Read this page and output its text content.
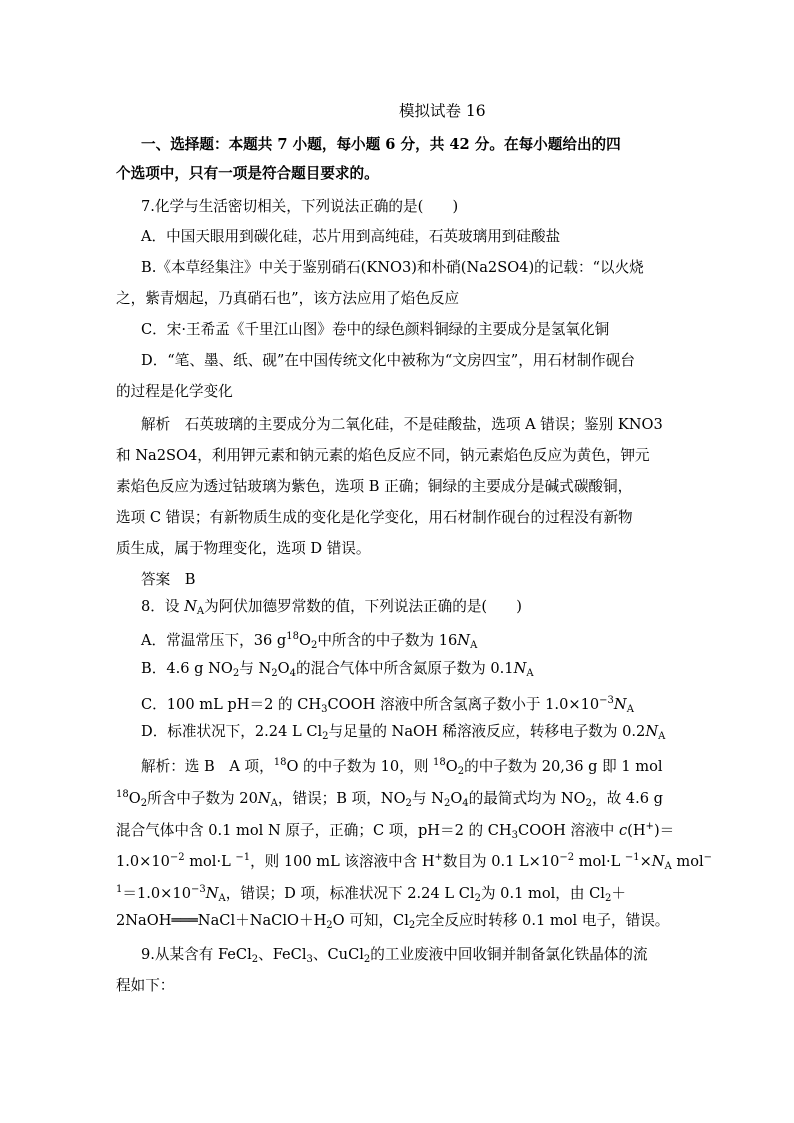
模拟试卷 16
一、选择题：本题共 7 小题，每小题 6 分，共 42 分。在每小题给出的四
个选项中，只有一项是符合题目要求的。
7.化学与生活密切相关，下列说法正确的是(　　)
A．中国天眼用到碳化硅，芯片用到高纯硅，石英玻璃用到硅酸盐
B.《本草经集注》中关于鉴别硝石(KNO3)和朴硝(Na2SO4)的记载：“以火烧
之，紫青烟起，乃真硝石也”，该方法应用了焰色反应
C．宋·王希孟《千里江山图》卷中的绿色颜料铜绿的主要成分是氢氧化铜
D．“笔、墨、纸、砚”在中国传统文化中被称为“文房四宝”，用石材制作砚台
的过程是化学变化
解析　石英玻璃的主要成分为二氧化硅，不是硅酸盐，选项 A 错误；鉴别 KNO3
和 Na2SO4，利用钾元素和钠元素的焰色反应不同，钠元素焰色反应为黄色，钾元
素焰色反应为透过钴玻璃为紫色，选项 B 正确；铜绿的主要成分是碱式碳酸铜，
选项 C 错误；有新物质生成的变化是化学变化，用石材制作砚台的过程没有新物
质生成，属于物理变化，选项 D 错误。
答案　B
8．设 $N_A$为阿伏加德罗常数的值，下列说法正确的是(　　)
A．常温常压下，36 $g^{18}O_2$中所含的中子数为 $16N_A$
B．4.6 g $NO_2$与 $N_2O_4$的混合气体中所含氮原子数为 $0.1N_A$
C．100 mL pH＝2 的 $CH_3COOH$ 溶液中所含氢离子数小于 $1.0\times 10^{-3}N_A$
D．标准状况下，2.24 L $Cl_2$与足量的 NaOH 稀溶液反应，转移电子数为 $0.2N_A$
解析：选 B　A 项，$^{18}$O 的中子数为 10，则 $^{18}O_2$的中子数为 20,36 g 即 1 mol
$^{18}O_2$所含中子数为 $20N_A$，错误；B 项，$NO_2$与 $N_2O_4$的最简式均为 $NO_2$，故 4.6 g
混合气体中含 0.1 mol N 原子，正确；C 项，pH＝2 的 $CH_3COOH$ 溶液中 c(H+)＝
$1.0\times 10^{-2}$ mol·L $^{-1}$，则 100 mL 该溶液中含 H+数目为 0.1 $L\times 10^{-2}$ mol·L $^{-1}\times N_A$ mol−
$^1=1.0\times 10^{-3}N_A$，错误；D 项，标准状况下 2.24 L $Cl_2$为 0.1 mol，由 $Cl_2+$
$2NaOH═══NaCl+NaClO+H_2O$ 可知，$Cl_2$完全反应时转移 0.1 mol 电子，错误。
9.从某含有 FeCl$_2$、FeCl$_3$、CuCl$_2$的工业废液中回收铜并制备氯化铁晶体的流
程如下：
